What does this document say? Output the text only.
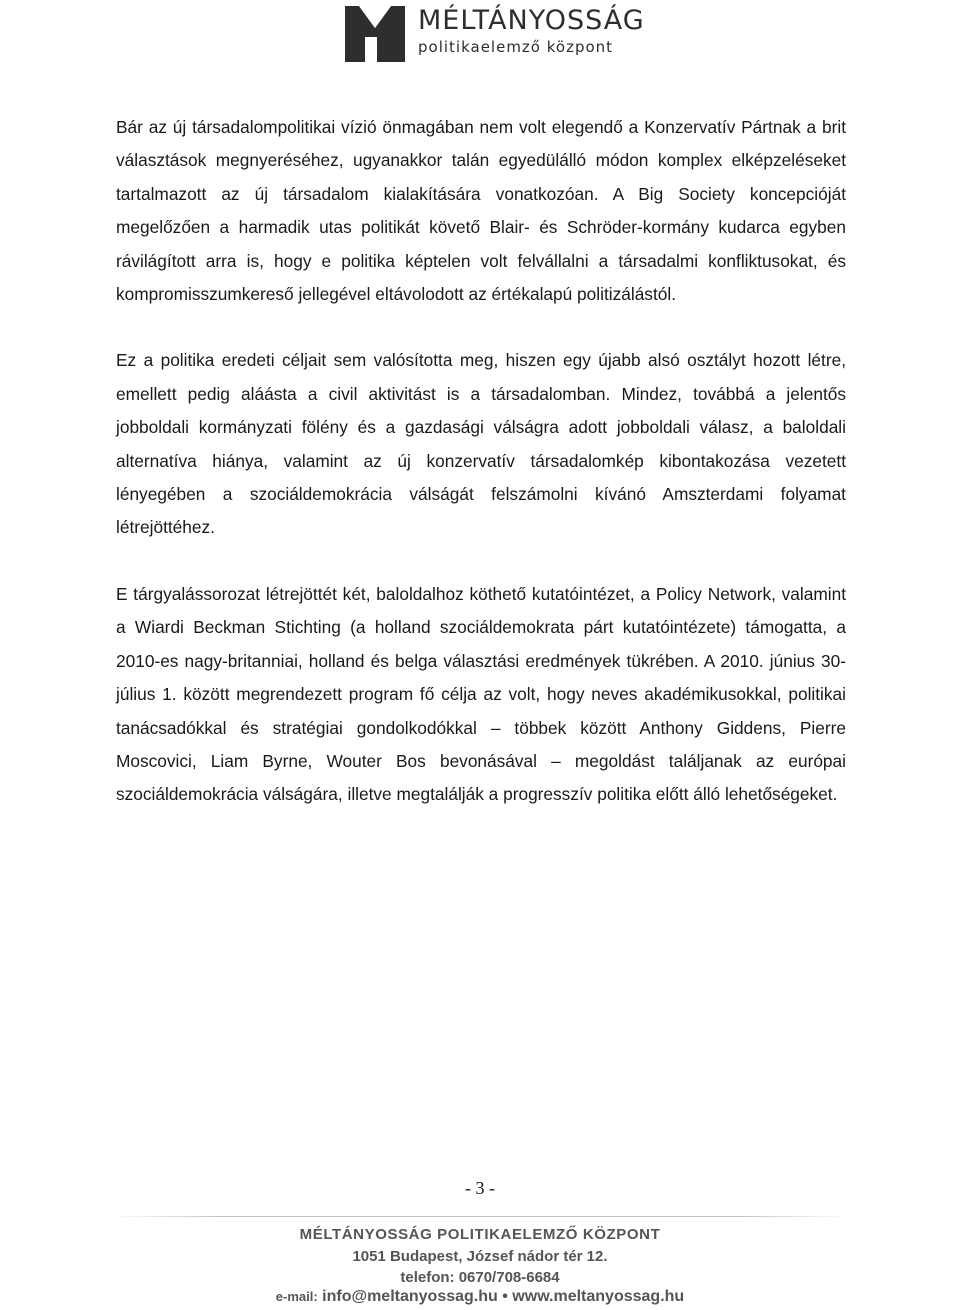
MÉLTÁNYOSSÁG
politikaelemző központ

Bár az új társadalompolitikai vízió önmagában nem volt elegendő a Konzervatív Pártnak a brit választások megnyeréséhez, ugyanakkor talán egyedülálló módon komplex elképzeléseket tartalmazott az új társadalom kialakítására vonatkozóan. A Big Society koncepcióját megelőzően a harmadik utas politikát követő Blair- és Schröder-kormány kudarca egyben rávilágított arra is, hogy e politika képtelen volt felvállalni a társadalmi konfliktusokat, és kompromisszumkereső jellegével eltávolodott az értékalapú politizálástól.

Ez a politika eredeti céljait sem valósította meg, hiszen egy újabb alsó osztályt hozott létre, emellett pedig aláásta a civil aktivitást is a társadalomban. Mindez, továbbá a jelentős jobboldali kormányzati fölény és a gazdasági válságra adott jobboldali válasz, a baloldali alternatíva hiánya, valamint az új konzervatív társadalomkép kibontakozása vezetett lényegében a szociáldemokrácia válságát felszámolni kívánó Amszterdami folyamat létrejöttéhez.

E tárgyalássorozat létrejöttét két, baloldalhoz köthető kutatóintézet, a Policy Network, valamint a Wiardi Beckman Stichting (a holland szociáldemokrata párt kutatóintézete) támogatta, a 2010-es nagy-britanniai, holland és belga választási eredmények tükrében. A 2010. június 30-július 1. között megrendezett program fő célja az volt, hogy neves akadémikusokkal, politikai tanácsadókkal és stratégiai gondolkodókkal – többek között Anthony Giddens, Pierre Moscovici, Liam Byrne, Wouter Bos bevonásával – megoldást találjanak az európai szociáldemokrácia válságára, illetve megtalálják a progresszív politika előtt álló lehetőségeket.

- 3 -
MÉLTÁNYOSSÁG POLITIKAELEMZŐ KÖZPONT
1051 Budapest, József nádor tér 12.
telefon: 0670/708-6684
e-mail: info@meltanyossag.hu • www.meltanyossag.hu
